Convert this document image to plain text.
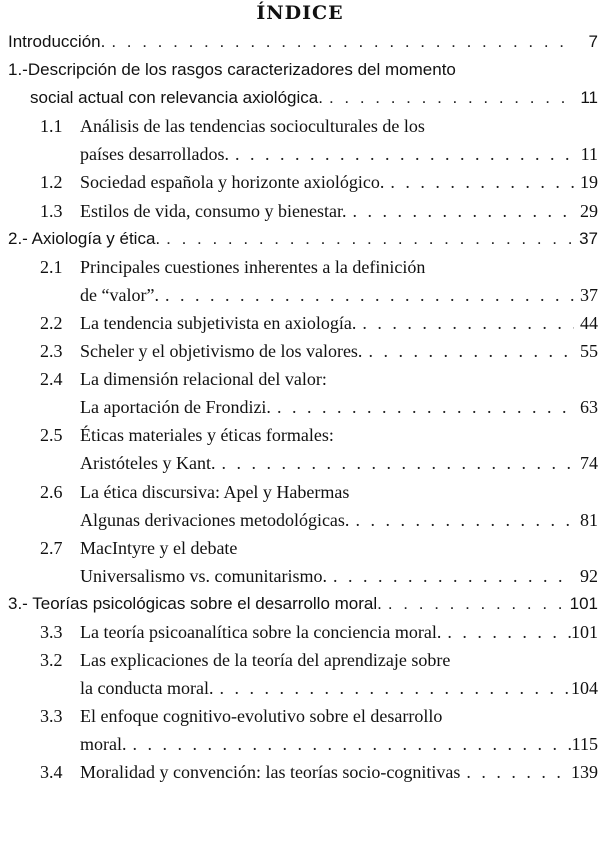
ÍNDICE
Introducción. . . .	7
1.-Descripción de los rasgos caracterizadores del momento
social actual con relevancia axiológica. . . .	11
1.1 Análisis de las tendencias socioculturales de los
países desarrollados. . . .	11
1.2 Sociedad española y horizonte axiológico. . . .	19
1.3 Estilos de vida, consumo y bienestar. . . .	29
2.- Axiología y ética. . . .	37
2.1 Principales cuestiones inherentes a la definición
de “valor”. . . .	37
2.2 La tendencia subjetivista en axiología. . . .	44
2.3 Scheler y el objetivismo de los valores. . . .	55
2.4 La dimensión relacional del valor:
La aportación de Frondizi. . . .	63
2.5 Éticas materiales y éticas formales:
Aristóteles y Kant. . . .	74
2.6 La ética discursiva: Apel y Habermas
Algunas derivaciones metodológicas. . . .	81
2.7 MacIntyre y el debate
Universalismo vs. comunitarismo. . . .	92
3.- Teorías psicológicas sobre el desarrollo moral. . . .	101
3.3 La teoría psicoanalítica sobre la conciencia moral. . . .	101
3.2 Las explicaciones de la teoría del aprendizaje sobre
la conducta moral. . . .	104
3.3 El enfoque cognitivo-evolutivo sobre el desarrollo
moral. . . .	115
3.4 Moralidad y convención: las teorías socio-cognitivas . . .	139
